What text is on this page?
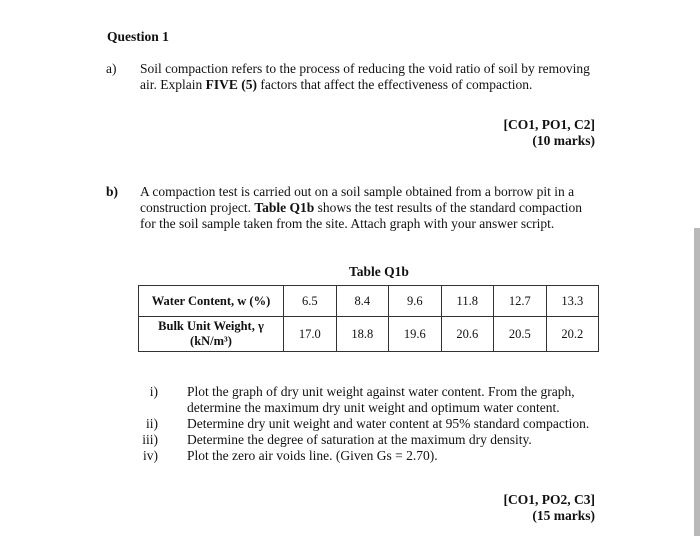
Question 1
a) Soil compaction refers to the process of reducing the void ratio of soil by removing air. Explain FIVE (5) factors that affect the effectiveness of compaction.
[CO1, PO1, C2]
(10 marks)
b) A compaction test is carried out on a soil sample obtained from a borrow pit in a construction project. Table Q1b shows the test results of the standard compaction for the soil sample taken from the site. Attach graph with your answer script.
Table Q1b
Water Content, w (%)	6.5	8.4	9.6	11.8	12.7	13.3

Bulk Unit Weight, γ
(kN/m³)	17.0	18.8	19.6	20.6	20.5	20.2
i) Plot the graph of dry unit weight against water content. From the graph, determine the maximum dry unit weight and optimum water content.
ii) Determine dry unit weight and water content at 95% standard compaction.
iii) Determine the degree of saturation at the maximum dry density.
iv) Plot the zero air voids line. (Given Gs = 2.70).
[CO1, PO2, C3]
(15 marks)
